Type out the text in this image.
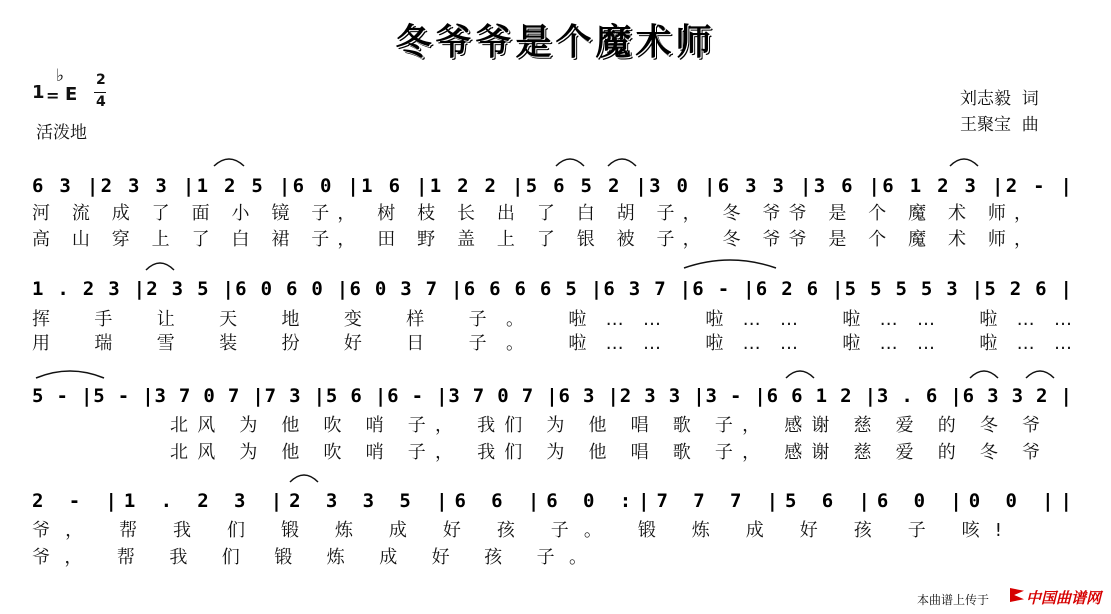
冬爷爷是个魔术师
♭
1 = E
2
4
活泼地
刘志毅  词
王聚宝  曲
6 3 |2 3 3 |1 2 5 |6 0 |1 6 |1 2 2 |5 6 5 2 |3 0 |6 3 3 |3 6 |6 1 2 3 |2 - |
河 流 成 了 面 小 镜 子， 树 枝 长 出 了 白 胡 子， 冬 爷爷 是 个 魔 术 师，
高 山 穿 上 了 白 裙 子， 田 野 盖 上 了 银 被 子， 冬 爷爷 是 个 魔 术 师，
1 . 2 3 |2 3 5 |6 0 6 0 |6 0 3 7 |6 6 6 6 5 |6 3 7 |6 - |6 2 6 |5 5 5 5 3 |5 2 6 |
挥 手 让 天 地 变 样 子。 啦…… 啦…… 啦…… 啦……
用 瑞 雪 装 扮 好 日 子。 啦…… 啦…… 啦…… 啦……
5 - |5 - |3 7 0 7 |7 3 |5 6 |6 - |3 7 0 7 |6 3 |2 3 3 |3 - |6 6 1 2 |3 . 6 |6 3 3 2 |
北风 为 他 吹 哨 子， 我们 为 他 唱 歌 子， 感谢 慈 爱 的 冬 爷
北风 为 他 吹 哨 子， 我们 为 他 唱 歌 子， 感谢 慈 爱 的 冬 爷
2 - |1 . 2 3 |2 3 3 5 |6 6 |6 0 :|7 7 7 |5 6 |6 0 |0 0 ||
爷， 帮 我 们 锻 炼 成 好 孩 子。 锻 炼 成 好 孩 子 咳!
爷， 帮 我 们 锻 炼 成 好 孩 子。
本曲谱上传于 中国曲谱网
